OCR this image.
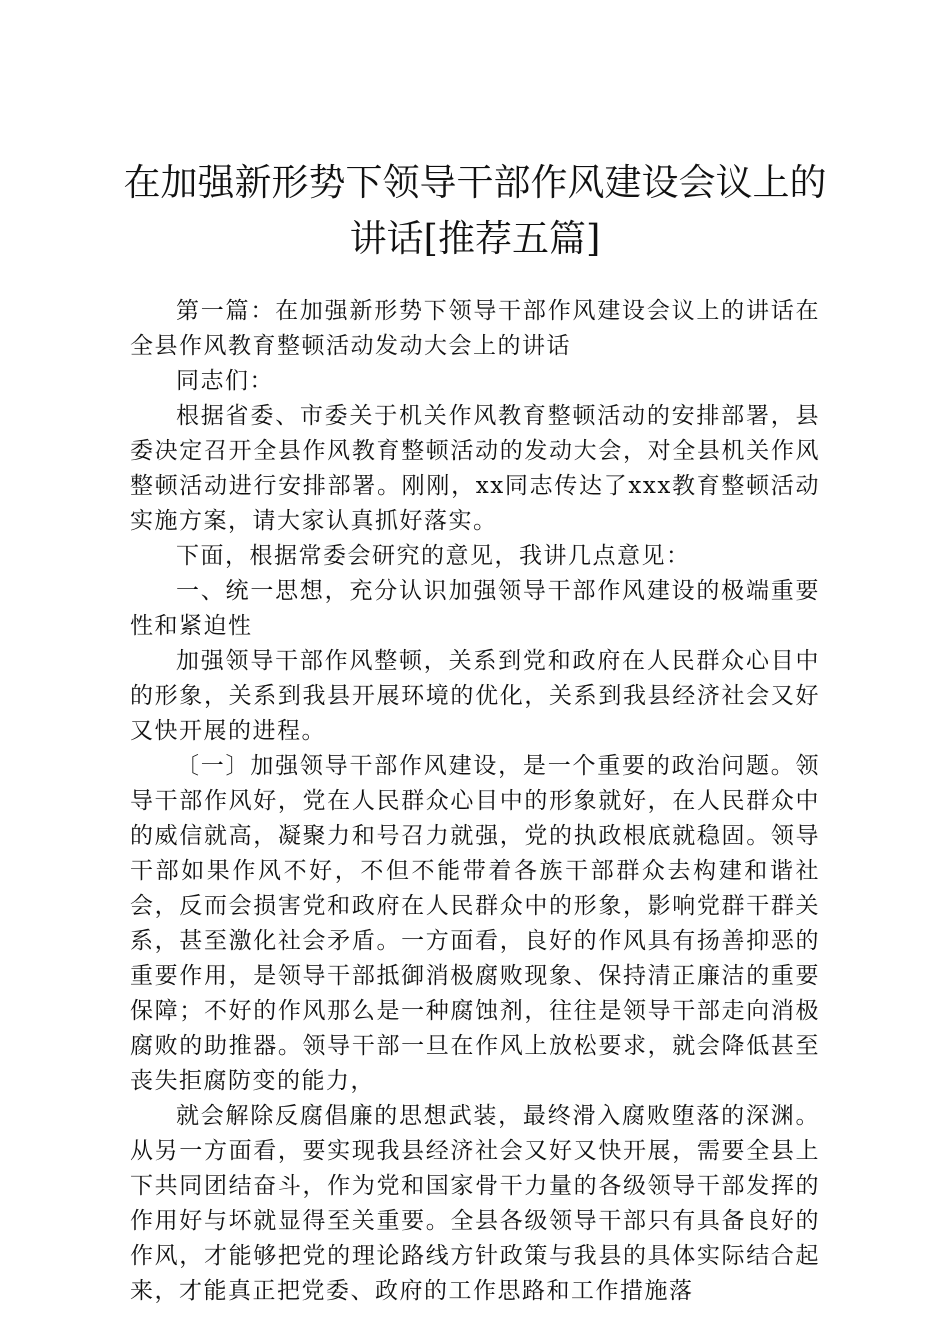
在加强新形势下领导干部作风建设会议上的讲话[推荐五篇]

第一篇：在加强新形势下领导干部作风建设会议上的讲话在全县作风教育整顿活动发动大会上的讲话

同志们：

根据省委、市委关于机关作风教育整顿活动的安排部署，县委决定召开全县作风教育整顿活动的发动大会，对全县机关作风整顿活动进行安排部署。刚刚，xx同志传达了xxx教育整顿活动实施方案，请大家认真抓好落实。

下面，根据常委会研究的意见，我讲几点意见：

一、统一思想，充分认识加强领导干部作风建设的极端重要性和紧迫性

加强领导干部作风整顿，关系到党和政府在人民群众心目中的形象，关系到我县开展环境的优化，关系到我县经济社会又好又快开展的进程。

〔一〕加强领导干部作风建设，是一个重要的政治问题。领导干部作风好，党在人民群众心目中的形象就好，在人民群众中的威信就高，凝聚力和号召力就强，党的执政根底就稳固。领导干部如果作风不好，不但不能带着各族干部群众去构建和谐社会，反而会损害党和政府在人民群众中的形象，影响党群干群关系，甚至激化社会矛盾。一方面看，良好的作风具有扬善抑恶的重要作用，是领导干部抵御消极腐败现象、保持清正廉洁的重要保障；不好的作风那么是一种腐蚀剂，往往是领导干部走向消极腐败的助推器。领导干部一旦在作风上放松要求，就会降低甚至丧失拒腐防变的能力，

就会解除反腐倡廉的思想武装，最终滑入腐败堕落的深渊。从另一方面看，要实现我县经济社会又好又快开展，需要全县上下共同团结奋斗，作为党和国家骨干力量的各级领导干部发挥的作用好与坏就显得至关重要。全县各级领导干部只有具备良好的作风，才能够把党的理论路线方针政策与我县的具体实际结合起来，才能真正把党委、政府的工作思路和工作措施落
